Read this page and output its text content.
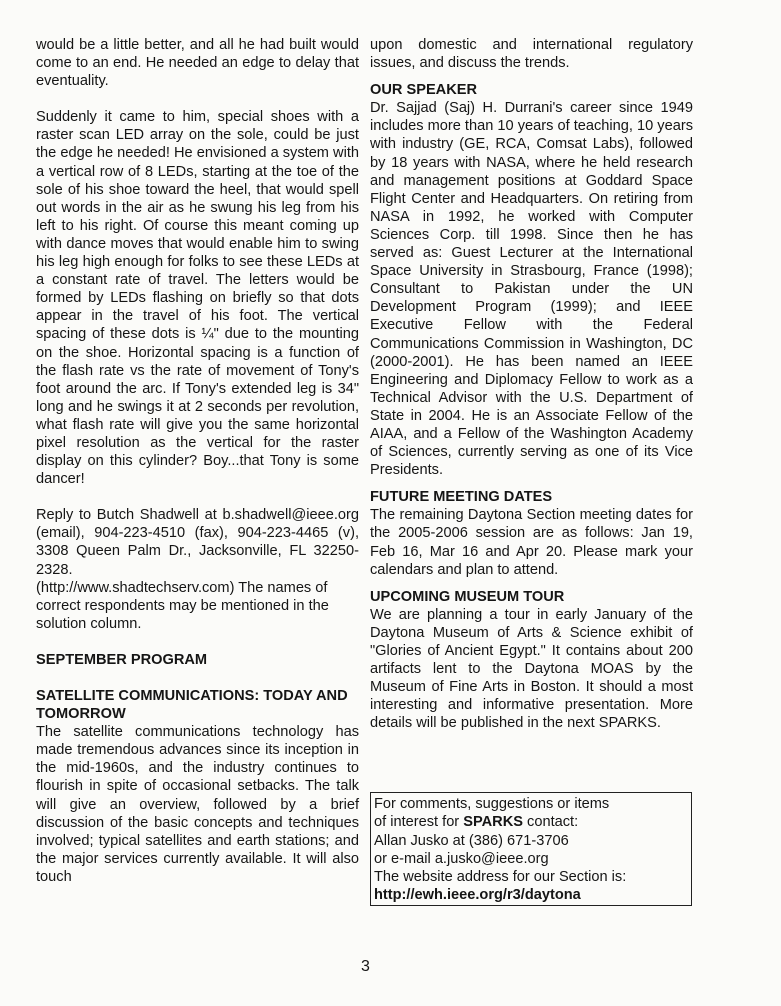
would be a little better, and all he had built would come to an end. He needed an edge to delay that eventuality.

Suddenly it came to him, special shoes with a raster scan LED array on the sole, could be just the edge he needed! He envisioned a system with a vertical row of 8 LEDs, starting at the toe of the sole of his shoe toward the heel, that would spell out words in the air as he swung his leg from his left to his right. Of course this meant coming up with dance moves that would enable him to swing his leg high enough for folks to see these LEDs at a constant rate of travel. The letters would be formed by LEDs flashing on briefly so that dots appear in the travel of his foot. The vertical spacing of these dots is ¼" due to the mounting on the shoe. Horizontal spacing is a function of the flash rate vs the rate of movement of Tony's foot around the arc. If Tony's extended leg is 34" long and he swings it at 2 seconds per revolution, what flash rate will give you the same horizontal pixel resolution as the vertical for the raster display on this cylinder? Boy...that Tony is some dancer!

Reply to Butch Shadwell at b.shadwell@ieee.org (email), 904-223-4510 (fax), 904-223-4465 (v), 3308 Queen Palm Dr., Jacksonville, FL 32250-2328.

(http://www.shadtechserv.com) The names of correct respondents may be mentioned in the solution column.

SEPTEMBER PROGRAM
SATELLITE COMMUNICATIONS: TODAY AND TOMORROW

The satellite communications technology has made tremendous advances since its inception in the mid-1960s, and the industry continues to flourish in spite of occasional setbacks. The talk will give an overview, followed by a brief discussion of the basic concepts and techniques involved; typical satellites and earth stations; and the major services currently available. It will also touch

upon domestic and international regulatory issues, and discuss the trends.

OUR SPEAKER

Dr. Sajjad (Saj) H. Durrani's career since 1949 includes more than 10 years of teaching, 10 years with industry (GE, RCA, Comsat Labs), followed by 18 years with NASA, where he held research and management positions at Goddard Space Flight Center and Headquarters. On retiring from NASA in 1992, he worked with Computer Sciences Corp. till 1998. Since then he has served as: Guest Lecturer at the International Space University in Strasbourg, France (1998); Consultant to Pakistan under the UN Development Program (1999); and IEEE Executive Fellow with the Federal Communications Commission in Washington, DC (2000-2001). He has been named an IEEE Engineering and Diplomacy Fellow to work as a Technical Advisor with the U.S. Department of State in 2004. He is an Associate Fellow of the AIAA, and a Fellow of the Washington Academy of Sciences, currently serving as one of its Vice Presidents.

FUTURE MEETING DATES

The remaining Daytona Section meeting dates for the 2005-2006 session are as follows: Jan 19, Feb 16, Mar 16 and Apr 20. Please mark your calendars and plan to attend.

UPCOMING MUSEUM TOUR

We are planning a tour in early January of the Daytona Museum of Arts & Science exhibit of "Glories of Ancient Egypt." It contains about 200 artifacts lent to the Daytona MOAS by the Museum of Fine Arts in Boston. It should a most interesting and informative presentation. More details will be published in the next SPARKS.

For comments, suggestions or items
of interest for SPARKS contact:
Allan Jusko at (386) 671-3706
or e-mail a.jusko@ieee.org
The website address for our Section is:
http://ewh.ieee.org/r3/daytona
3
